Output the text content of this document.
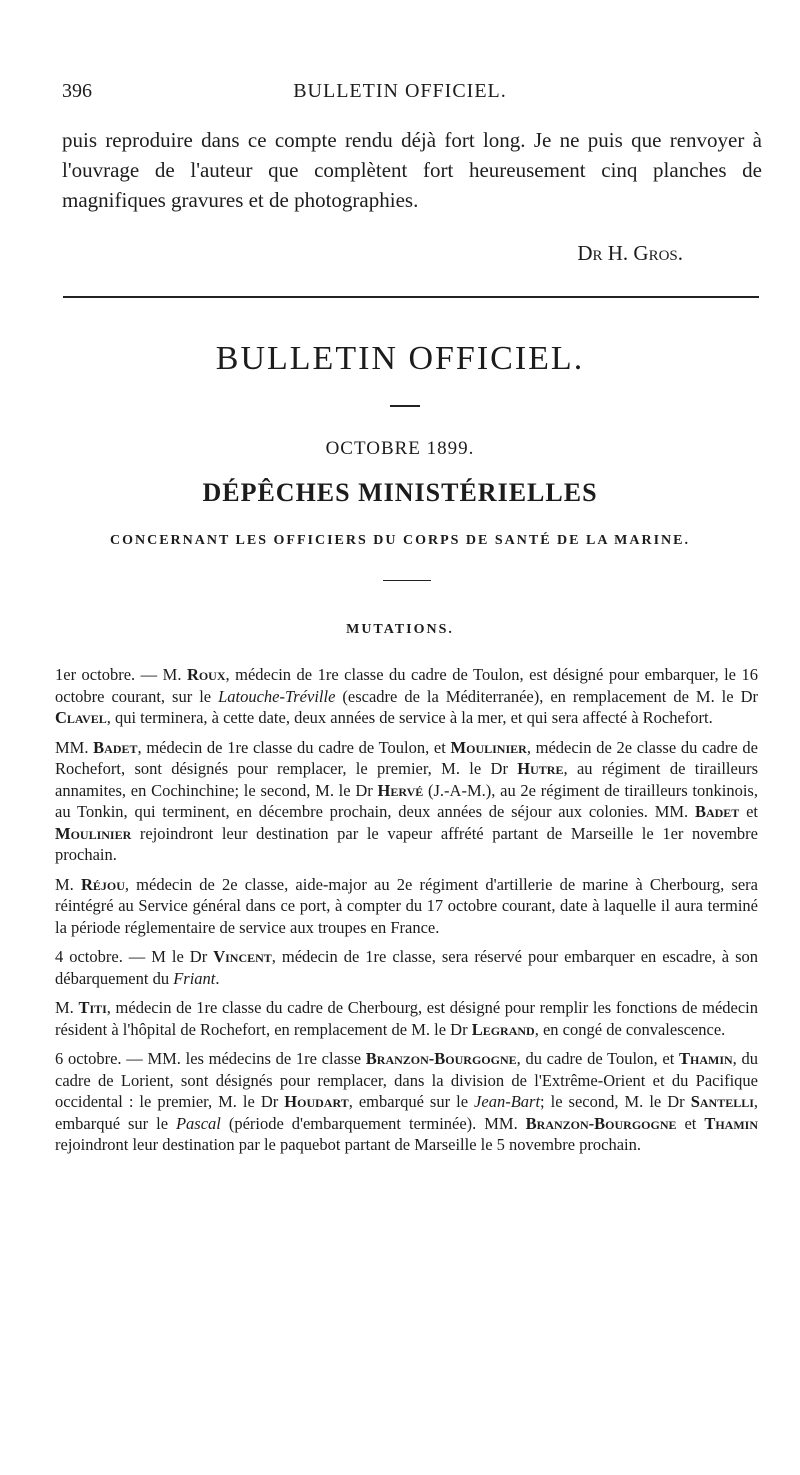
396	BULLETIN OFFICIEL.

puis reproduire dans ce compte rendu déjà fort long. Je ne puis que renvoyer à l'ouvrage de l'auteur que complètent fort heureusement cinq planches de magnifiques gravures et de photographies.

Dr H. Gros.
BULLETIN OFFICIEL.
OCTOBRE 1899.
DÉPÊCHES MINISTÉRIELLES
CONCERNANT LES OFFICIERS DU CORPS DE SANTÉ DE LA MARINE.
MUTATIONS.

1er octobre. — M. Roux, médecin de 1re classe du cadre de Toulon, est désigné pour embarquer, le 16 octobre courant, sur le Latouche-Tréville (escadre de la Méditerranée), en remplacement de M. le Dr Clavel, qui terminera, à cette date, deux années de service à la mer, et qui sera affecté à Rochefort.

MM. Badet, médecin de 1re classe du cadre de Toulon, et Moulinier, médecin de 2e classe du cadre de Rochefort, sont désignés pour remplacer, le premier, M. le Dr Hutre, au régiment de tirailleurs annamites, en Cochinchine; le second, M. le Dr Hervé (J.-A-M.), au 2e régiment de tirailleurs tonkinois, au Tonkin, qui terminent, en décembre prochain, deux années de séjour aux colonies. MM. Badet et Moulinier rejoindront leur destination par le vapeur affrété partant de Marseille le 1er novembre prochain.

M. Réjou, médecin de 2e classe, aide-major au 2e régiment d'artillerie de marine à Cherbourg, sera réintégré au Service général dans ce port, à compter du 17 octobre courant, date à laquelle il aura terminé la période réglementaire de service aux troupes en France.

4 octobre. — M le Dr Vincent, médecin de 1re classe, sera réservé pour embarquer en escadre, à son débarquement du Friant.

M. Titi, médecin de 1re classe du cadre de Cherbourg, est désigné pour remplir les fonctions de médecin résident à l'hôpital de Rochefort, en remplacement de M. le Dr Legrand, en congé de convalescence.

6 octobre. — MM. les médecins de 1re classe Branzon-Bourgogne, du cadre de Toulon, et Thamin, du cadre de Lorient, sont désignés pour remplacer, dans la division de l'Extrême-Orient et du Pacifique occidental : le premier, M. le Dr Houdart, embarqué sur le Jean-Bart; le second, M. le Dr Santelli, embarqué sur le Pascal (période d'embarquement terminée). MM. Branzon-Bourgogne et Thamin rejoindront leur destination par le paquebot partant de Marseille le 5 novembre prochain.
